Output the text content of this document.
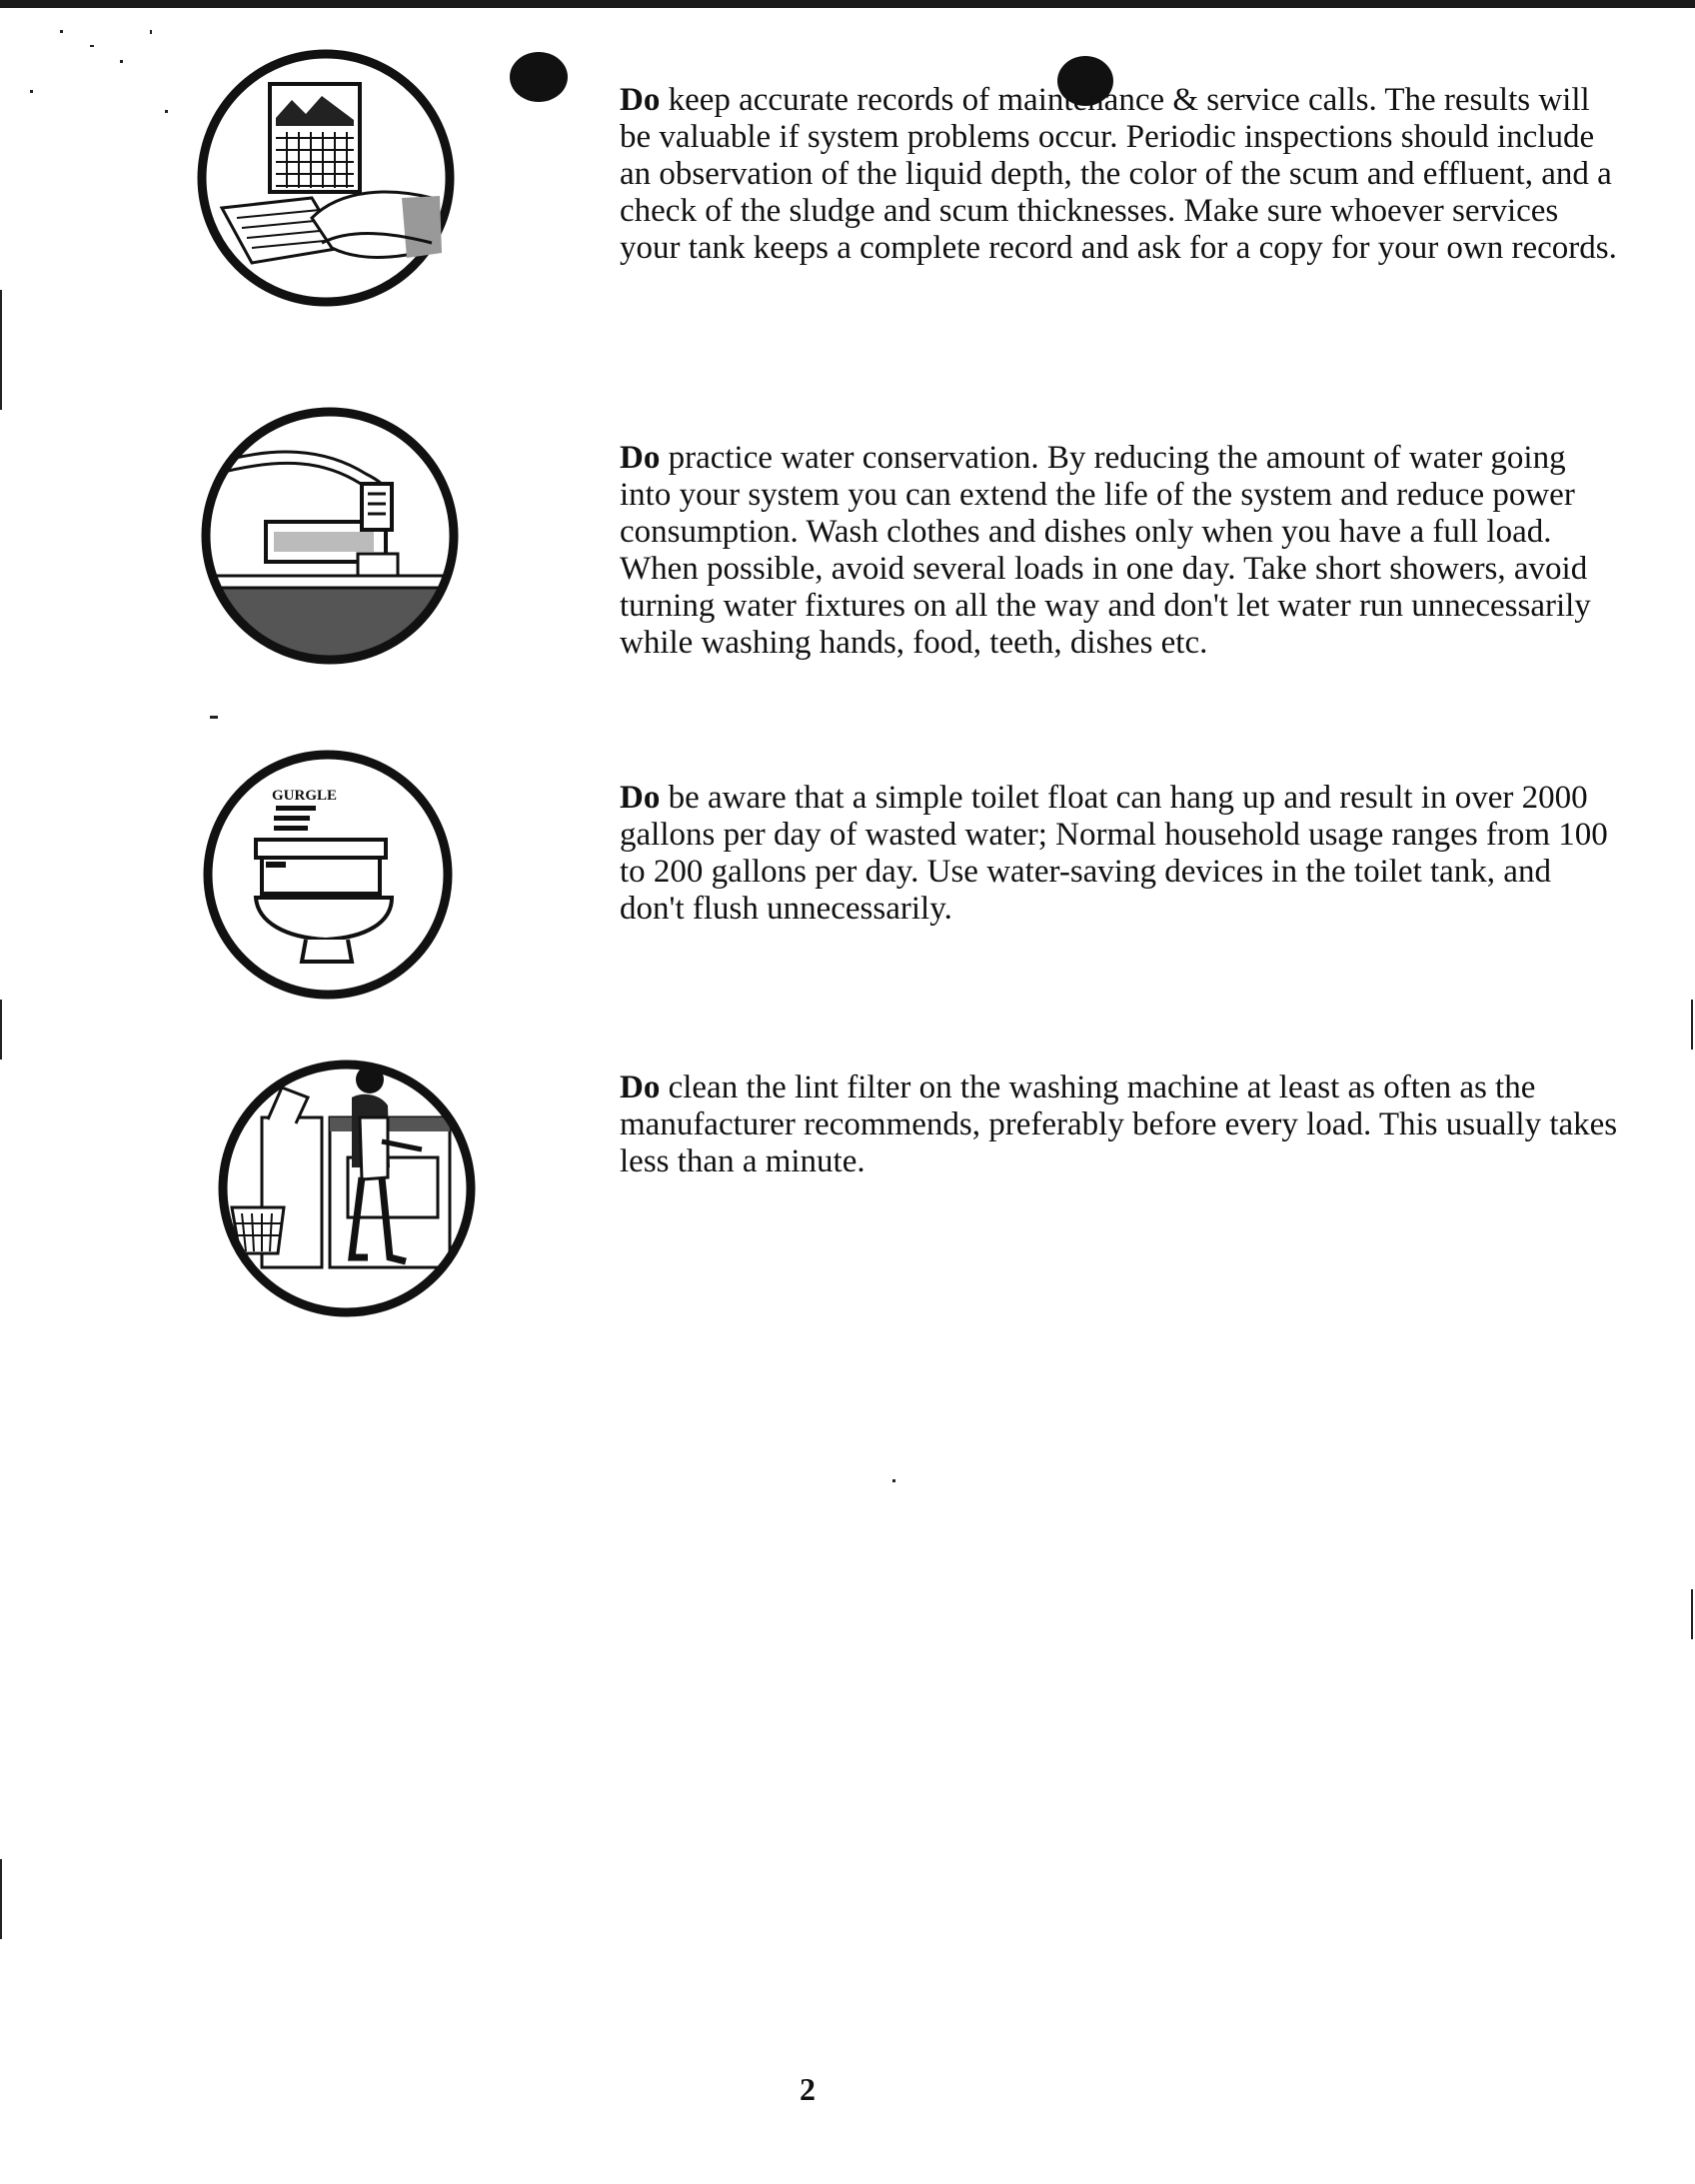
Do keep accurate records of maintenance & service calls. The results will be valuable if system problems occur. Periodic inspections should include an observation of the liquid depth, the color of the scum and effluent, and a check of the sludge and scum thicknesses. Make sure whoever services your tank keeps a complete record and ask for a copy for your own records.
Do practice water conservation. By reducing the amount of water going into your system you can extend the life of the system and reduce power consumption. Wash clothes and dishes only when you have a full load. When possible, avoid several loads in one day. Take short showers, avoid turning water fixtures on all the way and don't let water run unnecessarily while washing hands, food, teeth, dishes etc.
GURGLE	Do be aware that a simple toilet float can hang up and result in over 2000 gallons per day of wasted water; Normal household usage ranges from 100 to 200 gallons per day. Use water-saving devices in the toilet tank, and don't flush unnecessarily.
Do clean the lint filter on the washing machine at least as often as the manufacturer recommends, preferably before every load. This usually takes less than a minute.
2
